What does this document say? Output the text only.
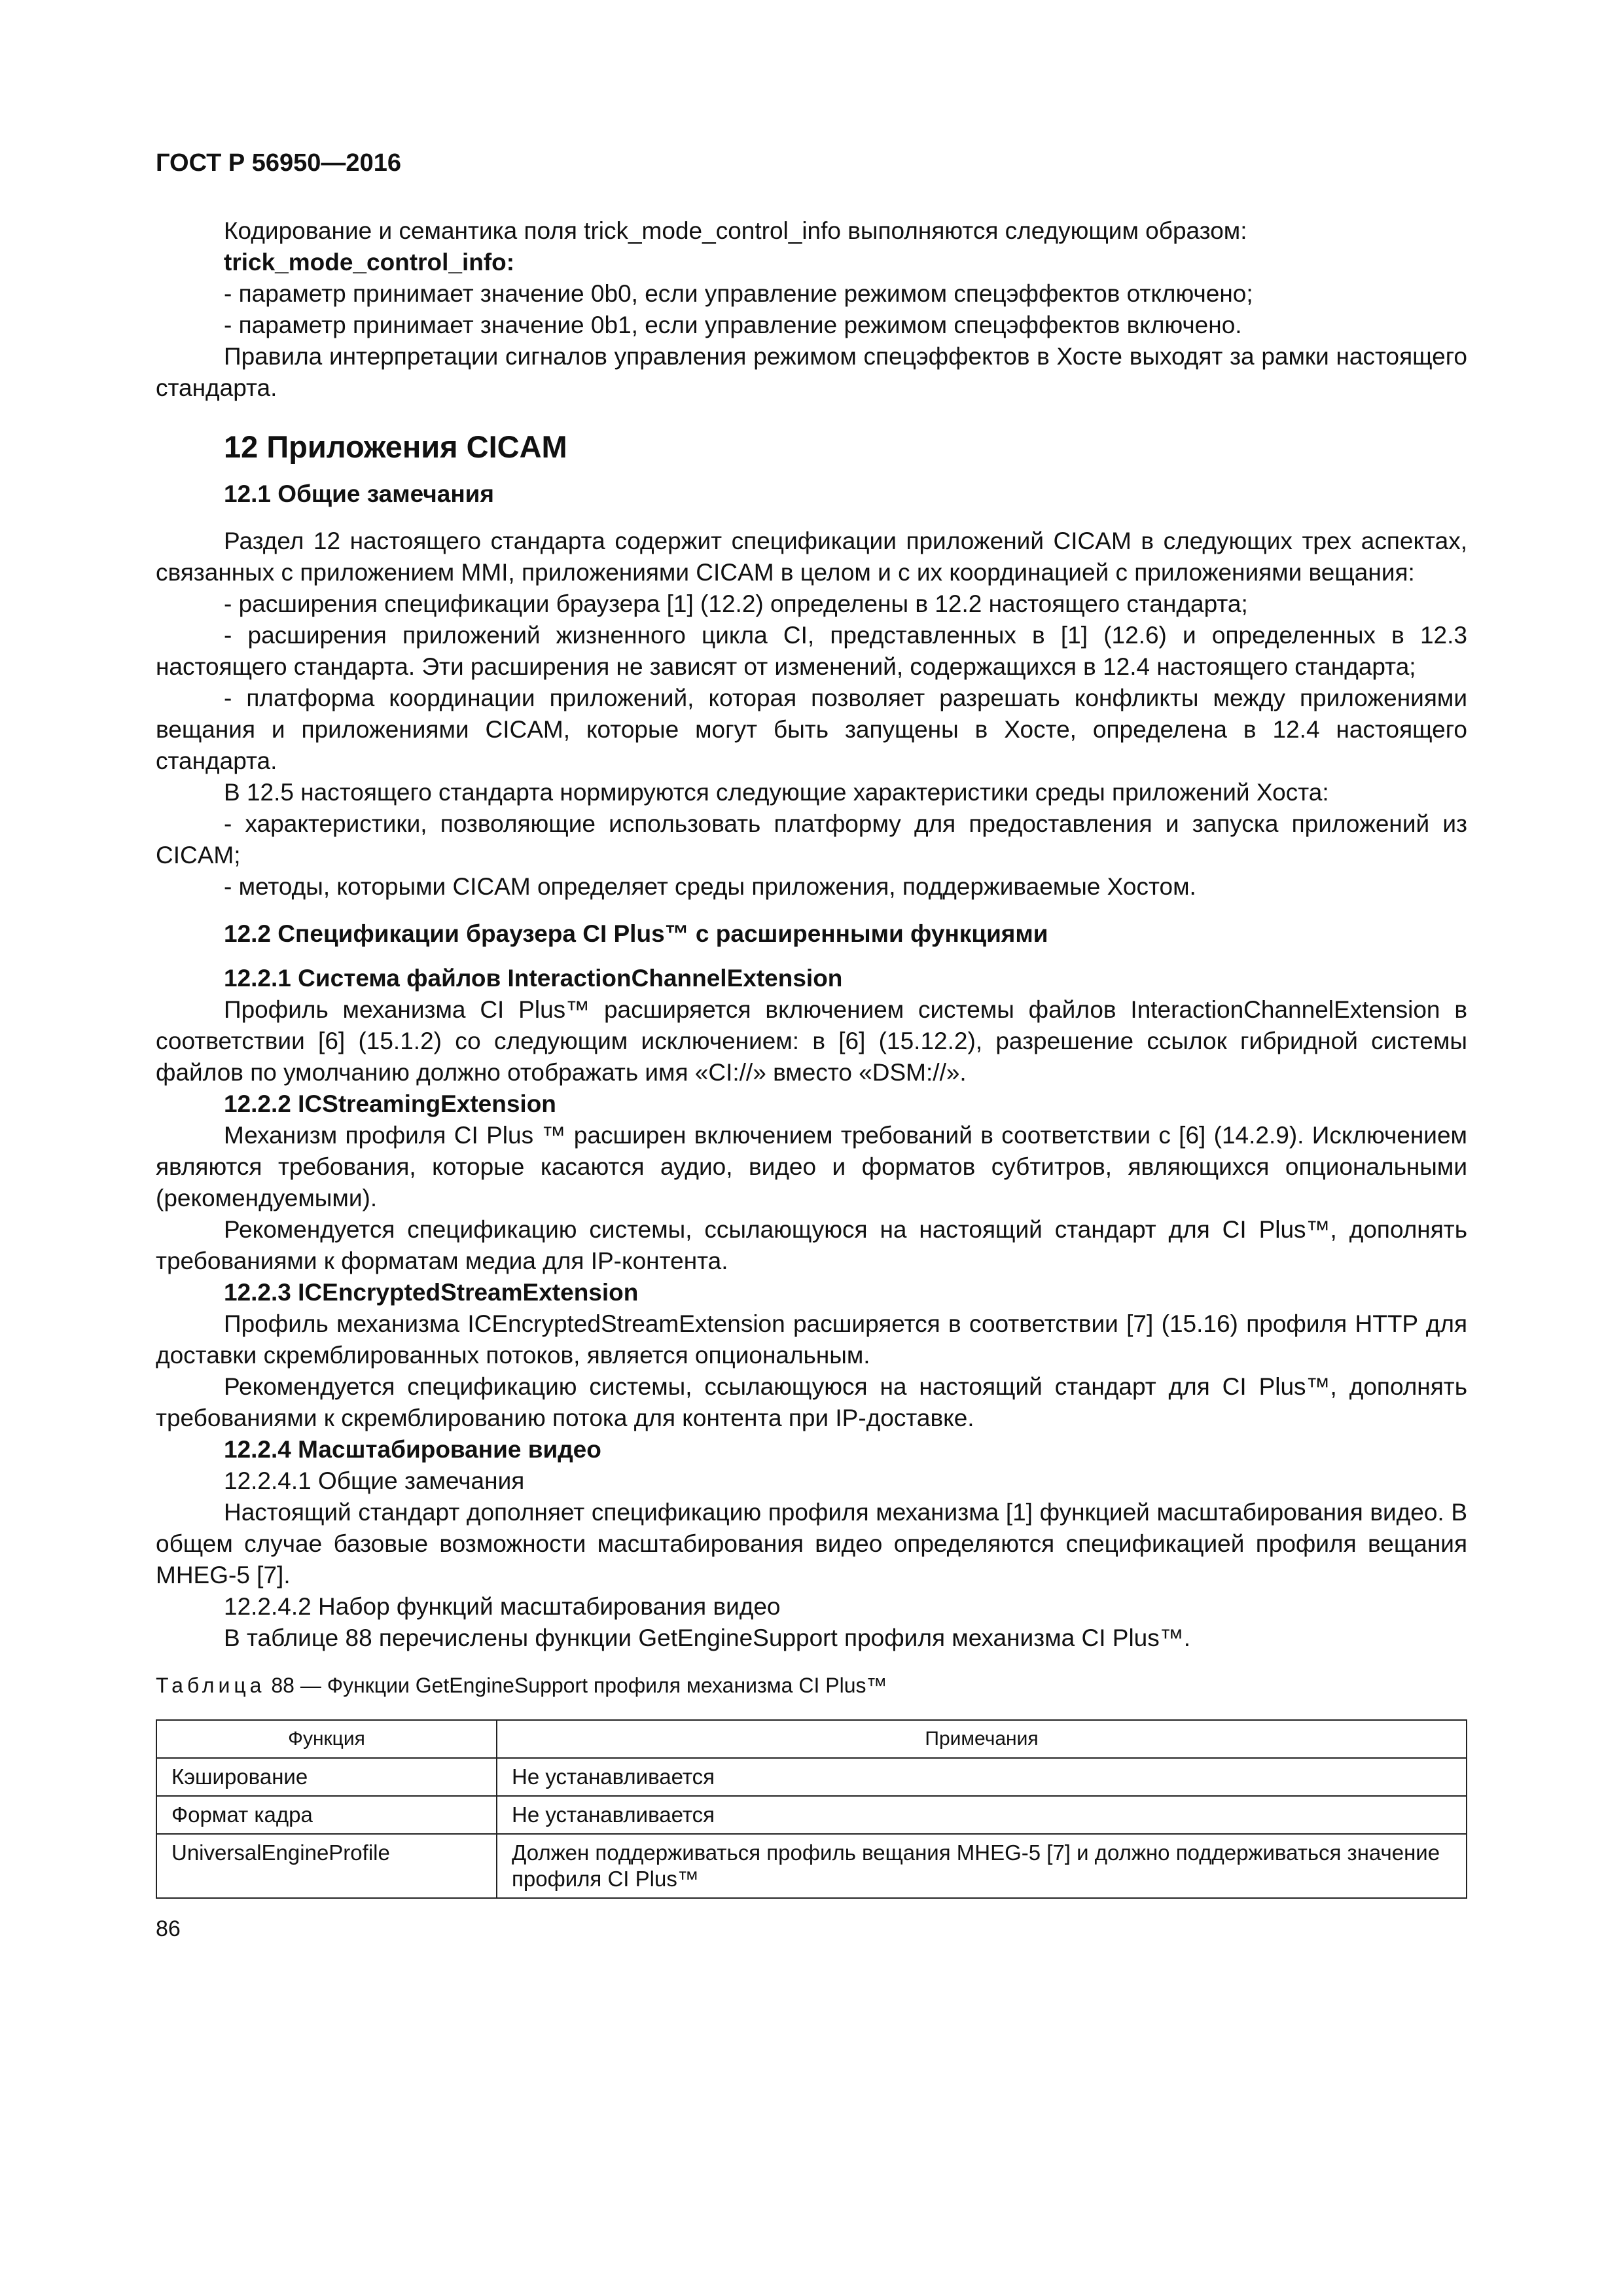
ГОСТ Р 56950—2016

Кодирование и семантика поля trick_mode_control_info выполняются следующим образом:

trick_mode_control_info:

- параметр принимает значение 0b0, если управление режимом спецэффектов отключено;

- параметр принимает значение 0b1, если управление режимом спецэффектов включено.

Правила интерпретации сигналов управления режимом спецэффектов в Хосте выходят за рамки настоящего стандарта.

12 Приложения CICAM
12.1 Общие замечания

Раздел 12 настоящего стандарта содержит спецификации приложений CICAM в следующих трех аспектах, связанных с приложением MMI, приложениями CICAM в целом и с их координацией с приложениями вещания:

- расширения спецификации браузера [1] (12.2) определены в 12.2 настоящего стандарта;

- расширения приложений жизненного цикла CI, представленных в [1] (12.6) и определенных в 12.3 настоящего стандарта. Эти расширения не зависят от изменений, содержащихся в 12.4 настоящего стандарта;

- платформа координации приложений, которая позволяет разрешать конфликты между приложениями вещания и приложениями CICAM, которые могут быть запущены в Хосте, определена в 12.4 настоящего стандарта.

В 12.5 настоящего стандарта нормируются следующие характеристики среды приложений Хоста:

- характеристики, позволяющие использовать платформу для предоставления и запуска приложений из CICAM;

- методы, которыми CICAM определяет среды приложения, поддерживаемые Хостом.

12.2 Спецификации браузера CI Plus™ с расширенными функциями
12.2.1 Система файлов InteractionChannelExtension

Профиль механизма CI Plus™ расширяется включением системы файлов InteractionChannelExtension в соответствии [6] (15.1.2) со следующим исключением: в [6] (15.12.2), разрешение ссылок гибридной системы файлов по умолчанию должно отображать имя «CI://» вместо «DSM://».

12.2.2 ICStreamingExtension

Механизм профиля CI Plus ™ расширен включением требований в соответствии с [6] (14.2.9). Исключением являются требования, которые касаются аудио, видео и форматов субтитров, являющихся опциональными (рекомендуемыми).

Рекомендуется спецификацию системы, ссылающуюся на настоящий стандарт для CI Plus™, дополнять требованиями к форматам медиа для IP-контента.

12.2.3 ICEncryptedStreamExtension

Профиль механизма ICEncryptedStreamExtension расширяется в соответствии [7] (15.16) профиля HTTP для доставки скремблированных потоков, является опциональным.

Рекомендуется спецификацию системы, ссылающуюся на настоящий стандарт для CI Plus™, дополнять требованиями к скремблированию потока для контента при IP-доставке.

12.2.4 Масштабирование видео

12.2.4.1 Общие замечания

Настоящий стандарт дополняет спецификацию профиля механизма [1] функцией масштабирования видео. В общем случае базовые возможности масштабирования видео определяются спецификацией профиля вещания MHEG-5 [7].

12.2.4.2 Набор функций масштабирования видео

В таблице 88 перечислены функции GetEngineSupport профиля механизма CI Plus™.

Таблица 88 — Функции GetEngineSupport профиля механизма CI Plus™
Функция	Примечания
Кэширование	Не устанавливается
Формат кадра	Не устанавливается
UniversalEngineProfile	Должен поддерживаться профиль вещания MHEG-5 [7] и должно поддерживаться значение профиля CI Plus™
86
